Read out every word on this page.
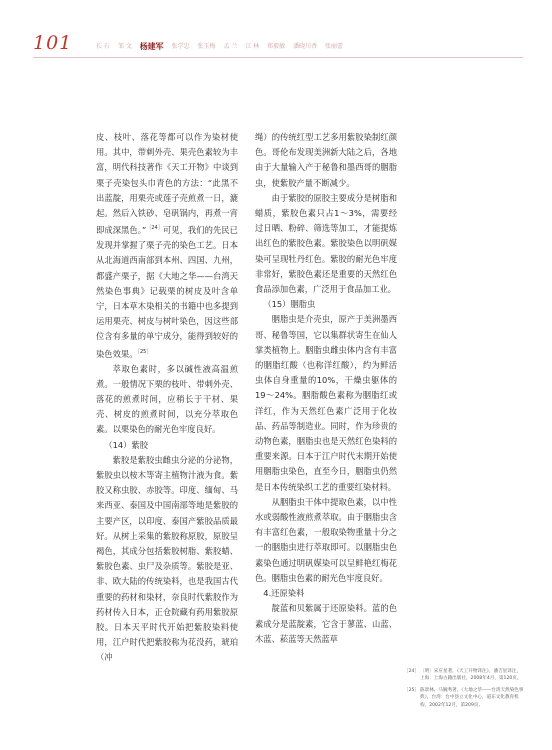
101	长 石 邹 文 杨建军 张学忠 张玉梅 孟 兰 江 林 郑毅敏 潘晓川香 张丽蕾

皮、枝叶、落花等都可以作为染材使用。其中，带刺外壳、果壳色素较为丰富，明代科技著作《天工开物》中谈到栗子壳染包头巾青色的方法：“此黑不出蓝靛，用栗壳或莲子壳煎煮一日，漉起。然后入铁砂、皂矾锅内，再煮一宵即成深黑色。”$^{[24]}$可见，我们的先民已发现并掌握了栗子壳的染色工艺。日本从北海道西南部到本州、四国、九州，都盛产栗子，据《大地之华——台湾天然染色事典》记载栗的树皮及叶含单宁，日本草木染相关的书籍中也多提到运用栗壳、树皮与树叶染色，因这些部位含有多量的单宁成分，能得到较好的染色效果。$^{[25]}$

萃取色素时，多以碱性液高温煎煮。一般情况下栗的枝叶、带刺外壳、落花的煎煮时间，应稍长于干材、果壳、树皮的煎煮时间，以充分萃取色素。以栗染色的耐光色牢度良好。

（14）紫胶

紫胶是紫胶虫雌虫分泌的分泌物，紫胶虫以桉木等寄主植物汁液为食。紫胶又称虫胶、赤胶等。印度、缅甸、马来西亚、泰国及中国南部等地是紫胶的主要产区，以印度、泰国产紫胶品质最好。从树上采集的紫胶称原胶，原胶呈褐色，其成分包括紫胶树脂、紫胶蜡、紫胶色素、虫尸及杂质等。紫胶是亚、非、欧大陆的传统染料，也是我国古代重要的药材和染材，奈良时代紫胶作为药材传入日本，正仓院藏有药用紫胶原胶。日本天平时代开始把紫胶染料使用，江户时代把紫胶称为花没药，琥珀（冲

绳）的传统红型工艺多用紫胶染制红颜色。哥伦布发现美洲新大陆之后，各地由于大量输入产于秘鲁和墨西哥的胭脂虫，使紫胶产量不断减少。

由于紫胶的原胶主要成分是树脂和蜡质，紫胶色素只占1～3%，需要经过日晒、粉碎、筛选等加工，才能提炼出红色的紫胶色素。紫胶染色以明矾媒染可呈现牡丹红色。紫胶的耐光色牢度非常好，紫胶色素还是重要的天然红色食品添加色素，广泛用于食品加工业。

（15）胭脂虫

胭脂虫是介壳虫，原产于美洲墨西哥、秘鲁等国，它以集群状寄生在仙人掌类植物上。胭脂虫雌虫体内含有丰富的胭脂红酸（也称洋红酸），约为鲜活虫体自身重量的10%，干燥虫躯体的19～24%。胭脂酸色素称为胭脂红或洋红，作为天然红色素广泛用于化妆品、药品等制造业。同时，作为珍贵的动物色素，胭脂虫也是天然红色染料的重要来源。日本于江户时代末期开始使用胭脂虫染色，直至今日，胭脂虫仍然是日本传统染织工艺的重要红染材料。

从胭脂虫干体中提取色素，以中性水或弱酸性液煎煮萃取。由于胭脂虫含有丰富红色素，一般取染物重量十分之一的胭脂虫进行萃取即可。以胭脂虫色素染色通过明矾媒染可以呈鲜艳红梅花色。胭脂虫色素的耐光色牢度良好。

4.还原染料

靛蓝和贝紫属于还原染料。蓝的色素成分是蓝靛素，它含于蓼蓝、山蓝、木蓝、菘蓝等天然蓝草

［24］ 〔明〕宋应星著，《天工开物译注》，潘吉星译注，上海：上海古籍出版社，2008年4月，第120页。
［25］ 陈景林、马毓秀著，《大地之华——台湾天然染色事典》，台湾：台中县立文化中心，道东文化教育机构，2002年12月，第209页。
